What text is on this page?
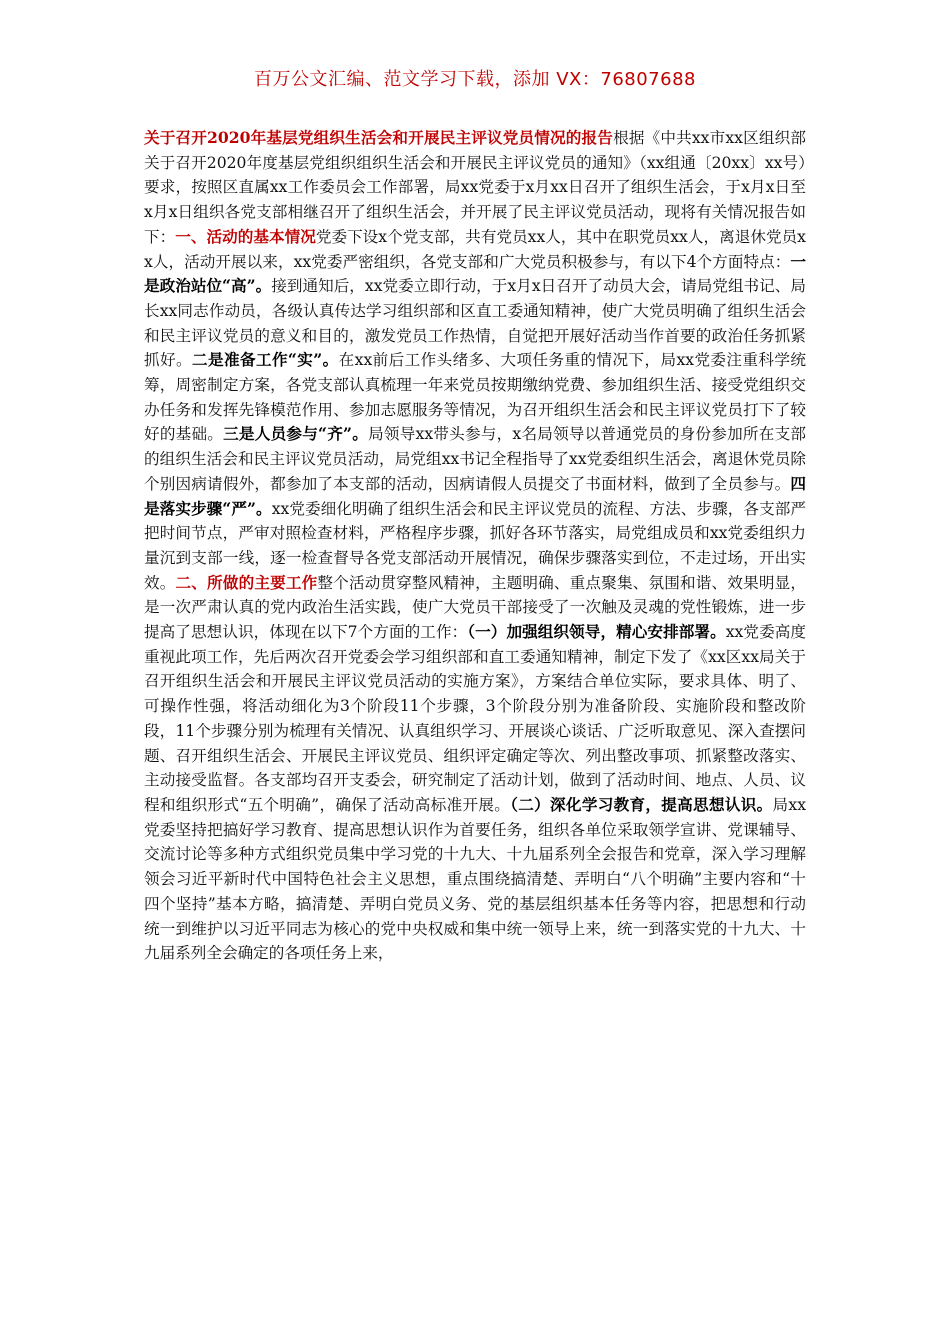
百万公文汇编、范文学习下载，添加 VX：76807688
关于召开2020年基层党组织生活会和开展民主评议党员情况的报告根据《中共xx市xx区组织部关于召开2020年度基层党组织组织生活会和开展民主评议党员的通知》（xx组通〔20xx〕xx号）要求，按照区直属xx工作委员会工作部署，局xx党委于x月xx日召开了组织生活会，于x月x日至x月x日组织各党支部相继召开了组织生活会，并开展了民主评议党员活动，现将有关情况报告如下：一、活动的基本情况党委下设x个党支部，共有党员xx人，其中在职党员xx人，离退休党员xx人，活动开展以来，xx党委严密组织，各党支部和广大党员积极参与，有以下4个方面特点：一是政治站位“高”。接到通知后，xx党委立即行动，于x月x日召开了动员大会，请局党组书记、局长xx同志作动员，各级认真传达学习组织部和区直工委通知精神，使广大党员明确了组织生活会和民主评议党员的意义和目的，激发党员工作热情，自觉把开展好活动当作首要的政治任务抓紧抓好。二是准备工作“实”。在xx前后工作头绪多、大项任务重的情况下，局xx党委注重科学统筹，周密制定方案，各党支部认真梳理一年来党员按期缴纳党费、参加组织生活、接受党组织交办任务和发挥先锋模范作用、参加志愿服务等情况，为召开组织生活会和民主评议党员打下了较好的基础。三是人员参与“齐”。局领导xx带头参与，x名局领导以普通党员的身份参加所在支部的组织生活会和民主评议党员活动，局党组xx书记全程指导了xx党委组织生活会，离退休党员除个别因病请假外，都参加了本支部的活动，因病请假人员提交了书面材料，做到了全员参与。四是落实步骤“严”。xx党委细化明确了组织生活会和民主评议党员的流程、方法、步骤，各支部严把时间节点，严审对照检查材料，严格程序步骤，抓好各环节落实，局党组成员和xx党委组织力量沉到支部一线，逐一检查督导各党支部活动开展情况，确保步骤落实到位，不走过场，开出实效。二、所做的主要工作整个活动贯穿整风精神，主题明确、重点聚集、氛围和谐、效果明显，是一次严肃认真的党内政治生活实践，使广大党员干部接受了一次触及灵魂的党性锻炼，进一步提高了思想认识，体现在以下7个方面的工作：（一）加强组织领导，精心安排部署。xx党委高度重视此项工作，先后两次召开党委会学习组织部和直工委通知精神，制定下发了《xx区xx局关于召开组织生活会和开展民主评议党员活动的实施方案》，方案结合单位实际，要求具体、明了、可操作性强，将活动细化为3个阶段11个步骤，3个阶段分别为准备阶段、实施阶段和整改阶段，11个步骤分别为梳理有关情况、认真组织学习、开展谈心谈话、广泛听取意见、深入查摆问题、召开组织生活会、开展民主评议党员、组织评定确定等次、列出整改事项、抓紧整改落实、主动接受监督。各支部均召开支委会，研究制定了活动计划，做到了活动时间、地点、人员、议程和组织形式“五个明确”，确保了活动高标准开展。（二）深化学习教育，提高思想认识。局xx党委坚持把搞好学习教育、提高思想认识作为首要任务，组织各单位采取领学宣讲、党课辅导、交流讨论等多种方式组织党员集中学习党的十九大、十九届系列全会报告和党章，深入学习理解领会习近平新时代中国特色社会主义思想，重点围绕搞清楚、弄明白“八个明确”主要内容和“十四个坚持”基本方略，搞清楚、弄明白党员义务、党的基层组织基本任务等内容，把思想和行动统一到维护以习近平同志为核心的党中央权威和集中统一领导上来，统一到落实党的十九大、十九届系列全会确定的各项任务上来，
